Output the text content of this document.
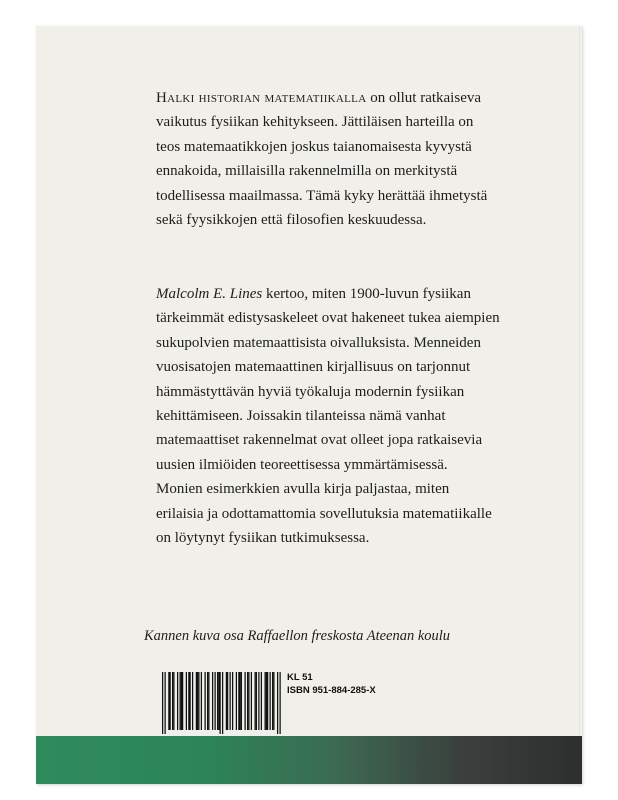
Halki historian matematiikalla on ollut ratkaiseva
vaikutus fysiikan kehitykseen. Jättiläisen harteilla on
teos matemaatikkojen joskus taianomaisesta kyvystä
ennakoida, millaisilla rakennelmilla on merkitystä
todellisessa maailmassa. Tämä kyky herättää ihmetystä
sekä fyysikkojen että filosofien keskuudessa.

Malcolm E. Lines kertoo, miten 1900-luvun fysiikan
tärkeimmät edistysaskeleet ovat hakeneet tukea aiempien
sukupolvien matemaattisista oivalluksista. Menneiden
vuosisatojen matemaattinen kirjallisuus on tarjonnut
hämmästyttävän hyviä työkaluja modernin fysiikan
kehittämiseen. Joissakin tilanteissa nämä vanhat
matemaattiset rakennelmat ovat olleet jopa ratkaisevia
uusien ilmiöiden teoreettisessa ymmärtämisessä.
Monien esimerkkien avulla kirja paljastaa, miten
erilaisia ja odottamattomia sovellutuksia matematiikalle
on löytynyt fysiikan tutkimuksessa.

Kannen kuva osa Raffaellon freskosta Ateenan koulu

KL 51
ISBN 951-884-285-X
